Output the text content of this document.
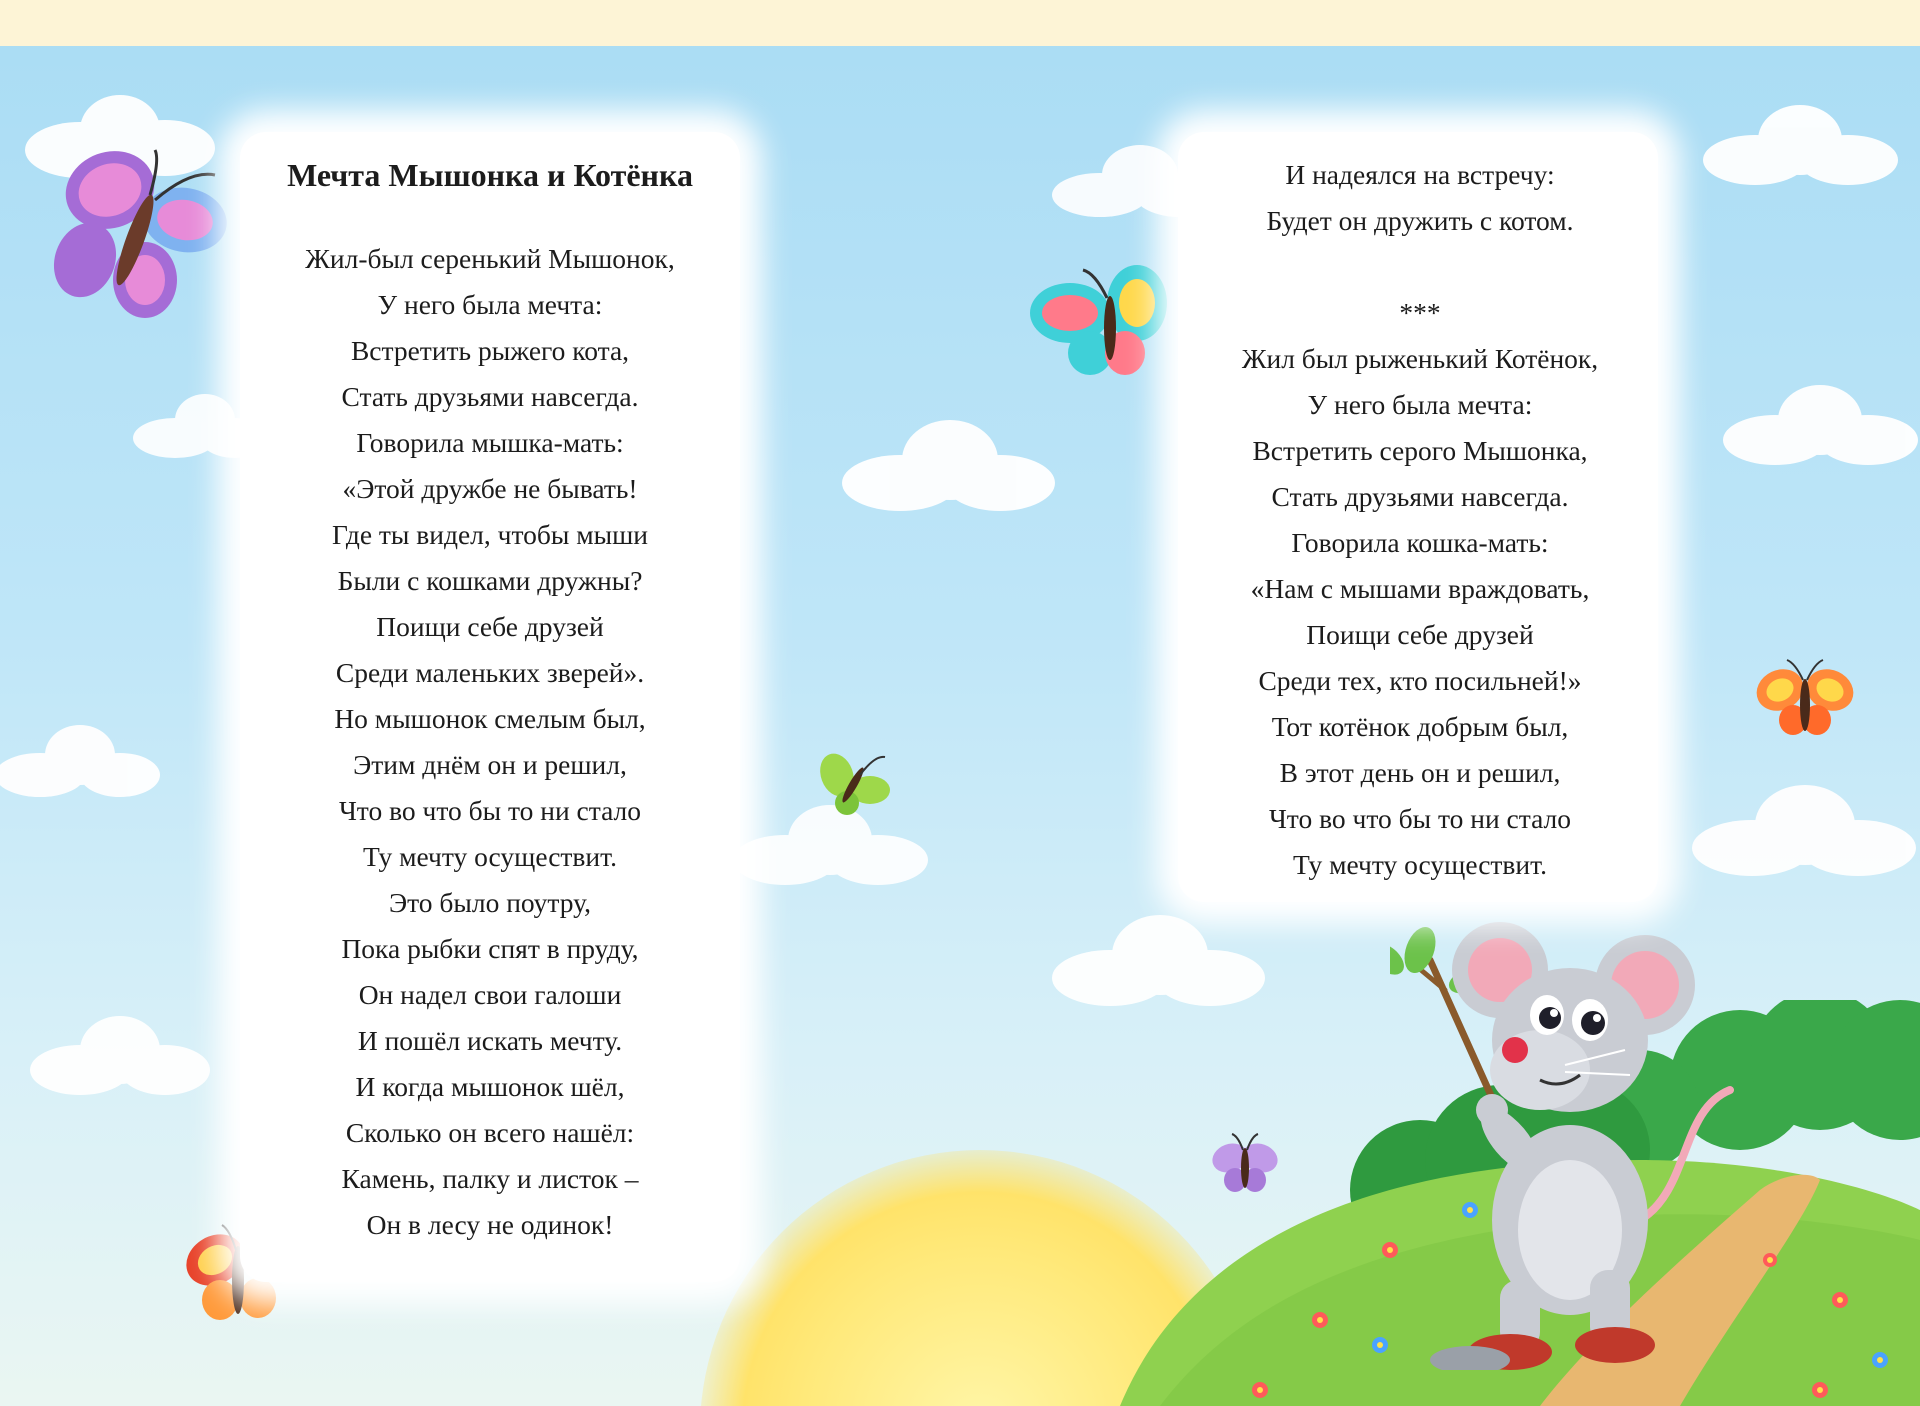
Мечта Мышонка и Котёнка
Жил-был серенький Мышонок,
У него была мечта:
Встретить рыжего кота,
Стать друзьями навсегда.
Говорила мышка-мать:
«Этой дружбе не бывать!
Где ты видел, чтобы мыши
Были с кошками дружны?
Поищи себе друзей
Среди маленьких зверей».
Но мышонок смелым был,
Этим днём он и решил,
Что во что бы то ни стало
Ту мечту осуществит.
Это было поутру,
Пока рыбки спят в пруду,
Он надел свои галоши
И пошёл искать мечту.
И когда мышонок шёл,
Сколько он всего нашёл:
Камень, палку и листок –
Он в лесу не одинок!
И надеялся на встречу:
Будет он дружить с котом.
***
Жил был рыженький Котёнок,
У него была мечта:
Встретить серого Мышонка,
Стать друзьями навсегда.
Говорила кошка-мать:
«Нам с мышами враждовать,
Поищи себе друзей
Среди тех, кто посильней!»
Тот котёнок добрым был,
В этот день он и решил,
Что во что бы то ни стало
Ту мечту осуществит.
